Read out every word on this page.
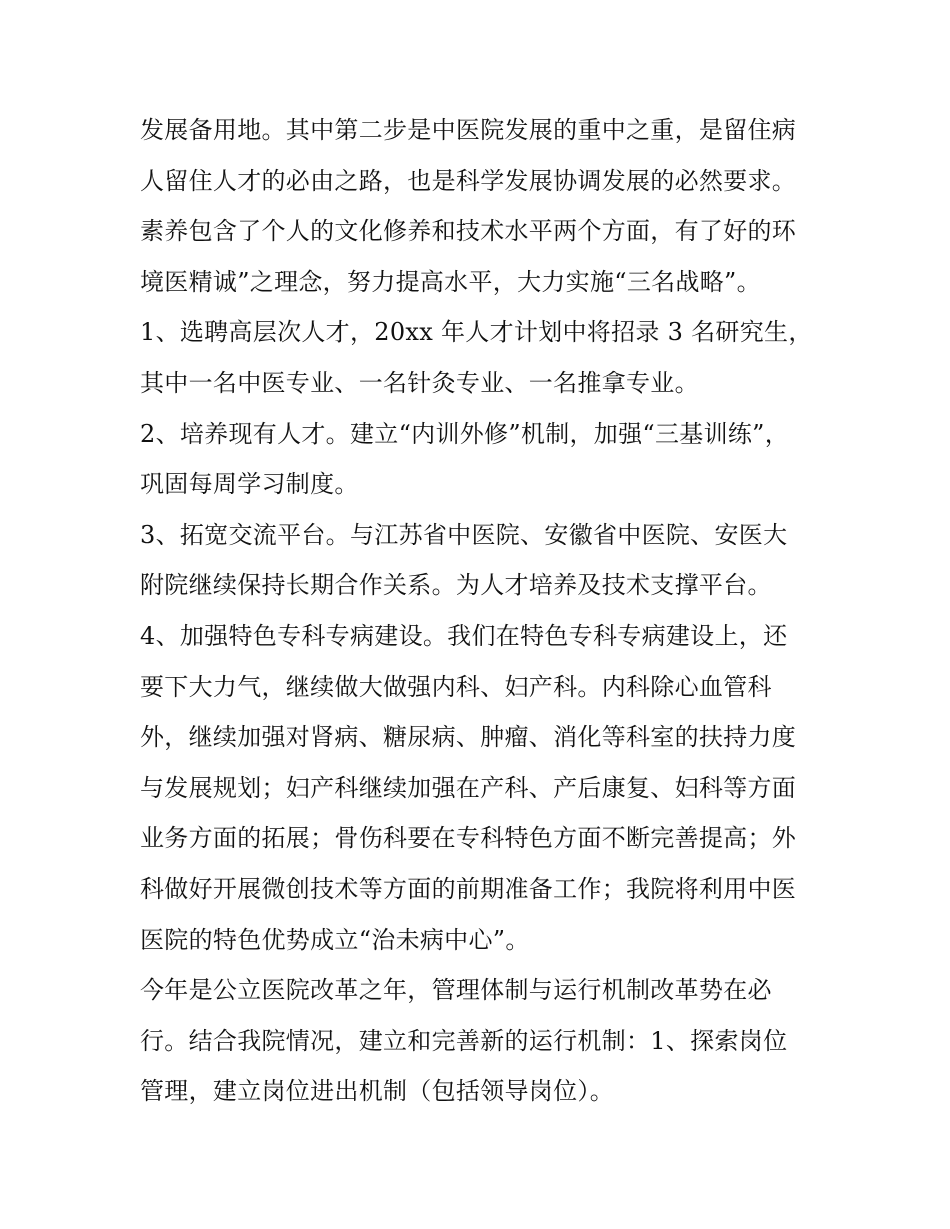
发展备用地。其中第二步是中医院发展的重中之重，是留住病
人留住人才的必由之路，也是科学发展协调发展的必然要求。
素养包含了个人的文化修养和技术水平两个方面，有了好的环
境医精诚”之理念，努力提高水平，大力实施“三名战略”。
1、选聘高层次人才，20xx 年人才计划中将招录 3 名研究生，
其中一名中医专业、一名针灸专业、一名推拿专业。
2、培养现有人才。建立“内训外修”机制，加强“三基训练”，
巩固每周学习制度。
3、拓宽交流平台。与江苏省中医院、安徽省中医院、安医大
附院继续保持长期合作关系。为人才培养及技术支撑平台。
4、加强特色专科专病建设。我们在特色专科专病建设上，还
要下大力气，继续做大做强内科、妇产科。内科除心血管科
外，继续加强对肾病、糖尿病、肿瘤、消化等科室的扶持力度
与发展规划；妇产科继续加强在产科、产后康复、妇科等方面
业务方面的拓展；骨伤科要在专科特色方面不断完善提高；外
科做好开展微创技术等方面的前期准备工作；我院将利用中医
医院的特色优势成立“治未病中心”。
今年是公立医院改革之年，管理体制与运行机制改革势在必
行。结合我院情况，建立和完善新的运行机制：1、探索岗位
管理，建立岗位进出机制（包括领导岗位）。
